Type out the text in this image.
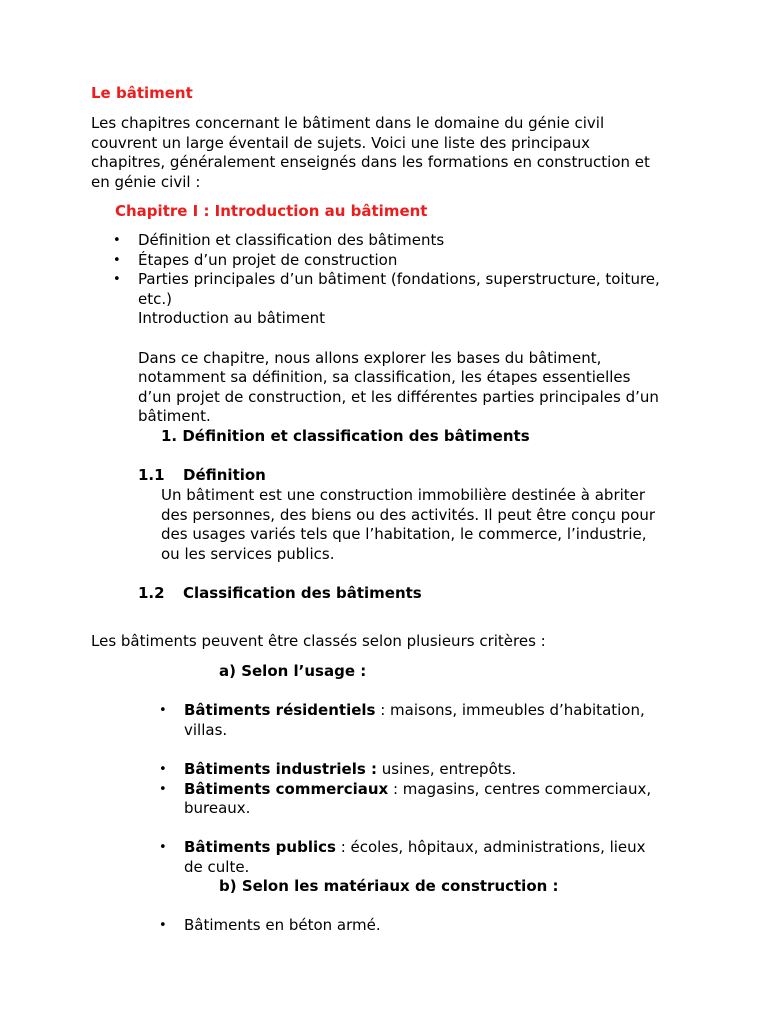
Le bâtiment
Les chapitres concernant le bâtiment dans le domaine du génie civil
couvrent un large éventail de sujets. Voici une liste des principaux
chapitres, généralement enseignés dans les formations en construction et
en génie civil :
Chapitre I : Introduction au bâtiment
• Définition et classification des bâtiments
• Étapes d’un projet de construction
• Parties principales d’un bâtiment (fondations, superstructure, toiture,
etc.)
Introduction au bâtiment
Dans ce chapitre, nous allons explorer les bases du bâtiment,
notamment sa définition, sa classification, les étapes essentielles
d’un projet de construction, et les différentes parties principales d’un
bâtiment.
1. Définition et classification des bâtiments
1.1 Définition
Un bâtiment est une construction immobilière destinée à abriter
des personnes, des biens ou des activités. Il peut être conçu pour
des usages variés tels que l’habitation, le commerce, l’industrie,
ou les services publics.
1.2 Classification des bâtiments
Les bâtiments peuvent être classés selon plusieurs critères :
a) Selon l’usage :
• Bâtiments résidentiels : maisons, immeubles d’habitation,
villas.
• Bâtiments industriels : usines, entrepôts.
• Bâtiments commerciaux : magasins, centres commerciaux,
bureaux.
• Bâtiments publics : écoles, hôpitaux, administrations, lieux
de culte.
b) Selon les matériaux de construction :
• Bâtiments en béton armé.
